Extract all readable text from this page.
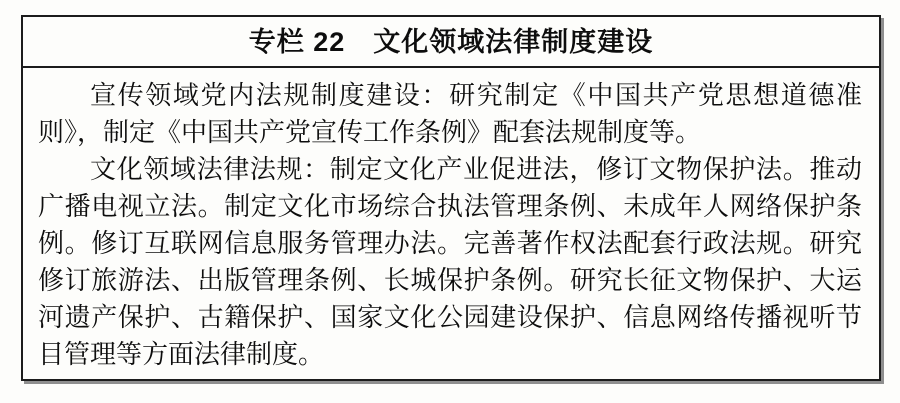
专栏 22　文化领域法律制度建设
宣传领域党内法规制度建设：研究制定《中国共产党思想道德准
则》，制定《中国共产党宣传工作条例》配套法规制度等。
文化领域法律法规：制定文化产业促进法，修订文物保护法。推动
广播电视立法。制定文化市场综合执法管理条例、未成年人网络保护条
例。修订互联网信息服务管理办法。完善著作权法配套行政法规。研究
修订旅游法、出版管理条例、长城保护条例。研究长征文物保护、大运
河遗产保护、古籍保护、国家文化公园建设保护、信息网络传播视听节
目管理等方面法律制度。
